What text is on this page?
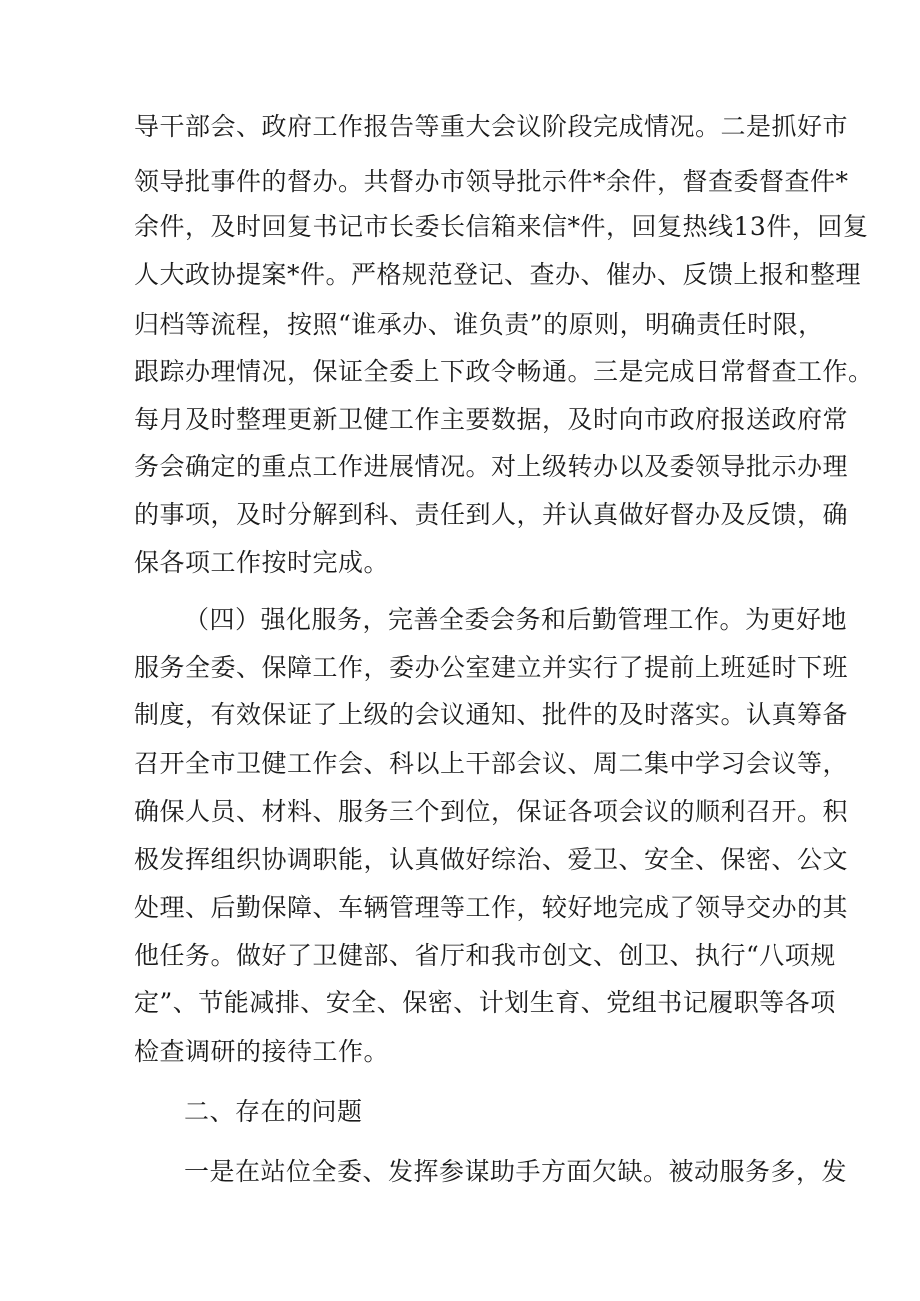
导干部会、政府工作报告等重大会议阶段完成情况。二是抓好市
领导批事件的督办。共督办市领导批示件*余件，督查委督查件*
余件，及时回复书记市长委长信箱来信*件，回复热线13件，回复
人大政协提案*件。严格规范登记、查办、催办、反馈上报和整理
归档等流程，按照“谁承办、谁负责”的原则，明确责任时限，
跟踪办理情况，保证全委上下政令畅通。三是完成日常督查工作。
每月及时整理更新卫健工作主要数据，及时向市政府报送政府常
务会确定的重点工作进展情况。对上级转办以及委领导批示办理
的事项，及时分解到科、责任到人，并认真做好督办及反馈，确
保各项工作按时完成。
（四）强化服务，完善全委会务和后勤管理工作。为更好地
服务全委、保障工作，委办公室建立并实行了提前上班延时下班
制度，有效保证了上级的会议通知、批件的及时落实。认真筹备
召开全市卫健工作会、科以上干部会议、周二集中学习会议等，
确保人员、材料、服务三个到位，保证各项会议的顺利召开。积
极发挥组织协调职能，认真做好综治、爱卫、安全、保密、公文
处理、后勤保障、车辆管理等工作，较好地完成了领导交办的其
他任务。做好了卫健部、省厅和我市创文、创卫、执行“八项规
定”、节能减排、安全、保密、计划生育、党组书记履职等各项
检查调研的接待工作。
二、存在的问题
一是在站位全委、发挥参谋助手方面欠缺。被动服务多，发
